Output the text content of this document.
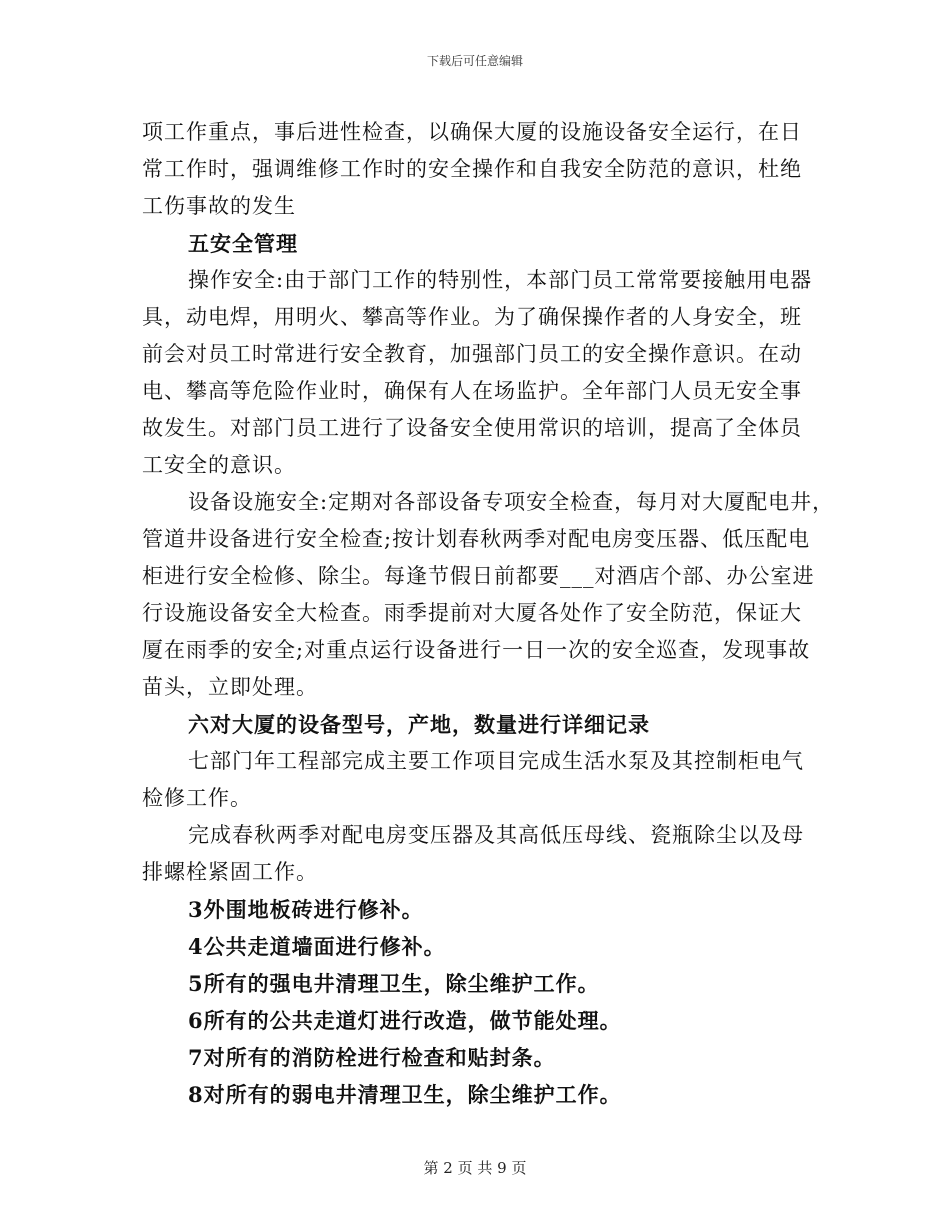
下载后可任意编辑
项工作重点，事后进性检查，以确保大厦的设施设备安全运行，在日
常工作时，强调维修工作时的安全操作和自我安全防范的意识，杜绝
工伤事故的发生
五安全管理
操作安全:由于部门工作的特别性，本部门员工常常要接触用电器
具，动电焊，用明火、攀高等作业。为了确保操作者的人身安全，班
前会对员工时常进行安全教育，加强部门员工的安全操作意识。在动
电、攀高等危险作业时，确保有人在场监护。全年部门人员无安全事
故发生。对部门员工进行了设备安全使用常识的培训，提高了全体员
工安全的意识。
设备设施安全:定期对各部设备专项安全检查，每月对大厦配电井，
管道井设备进行安全检查;按计划春秋两季对配电房变压器、低压配电
柜进行安全检修、除尘。每逢节假日前都要___对酒店个部、办公室进
行设施设备安全大检查。雨季提前对大厦各处作了安全防范，保证大
厦在雨季的安全;对重点运行设备进行一日一次的安全巡查，发现事故
苗头，立即处理。
六对大厦的设备型号，产地，数量进行详细记录
七部门年工程部完成主要工作项目完成生活水泵及其控制柜电气
检修工作。
完成春秋两季对配电房变压器及其高低压母线、瓷瓶除尘以及母
排螺栓紧固工作。
3外围地板砖进行修补。
4公共走道墙面进行修补。
5所有的强电井清理卫生，除尘维护工作。
6所有的公共走道灯进行改造，做节能处理。
7对所有的消防栓进行检查和贴封条。
8对所有的弱电井清理卫生，除尘维护工作。
第 2 页 共 9 页
